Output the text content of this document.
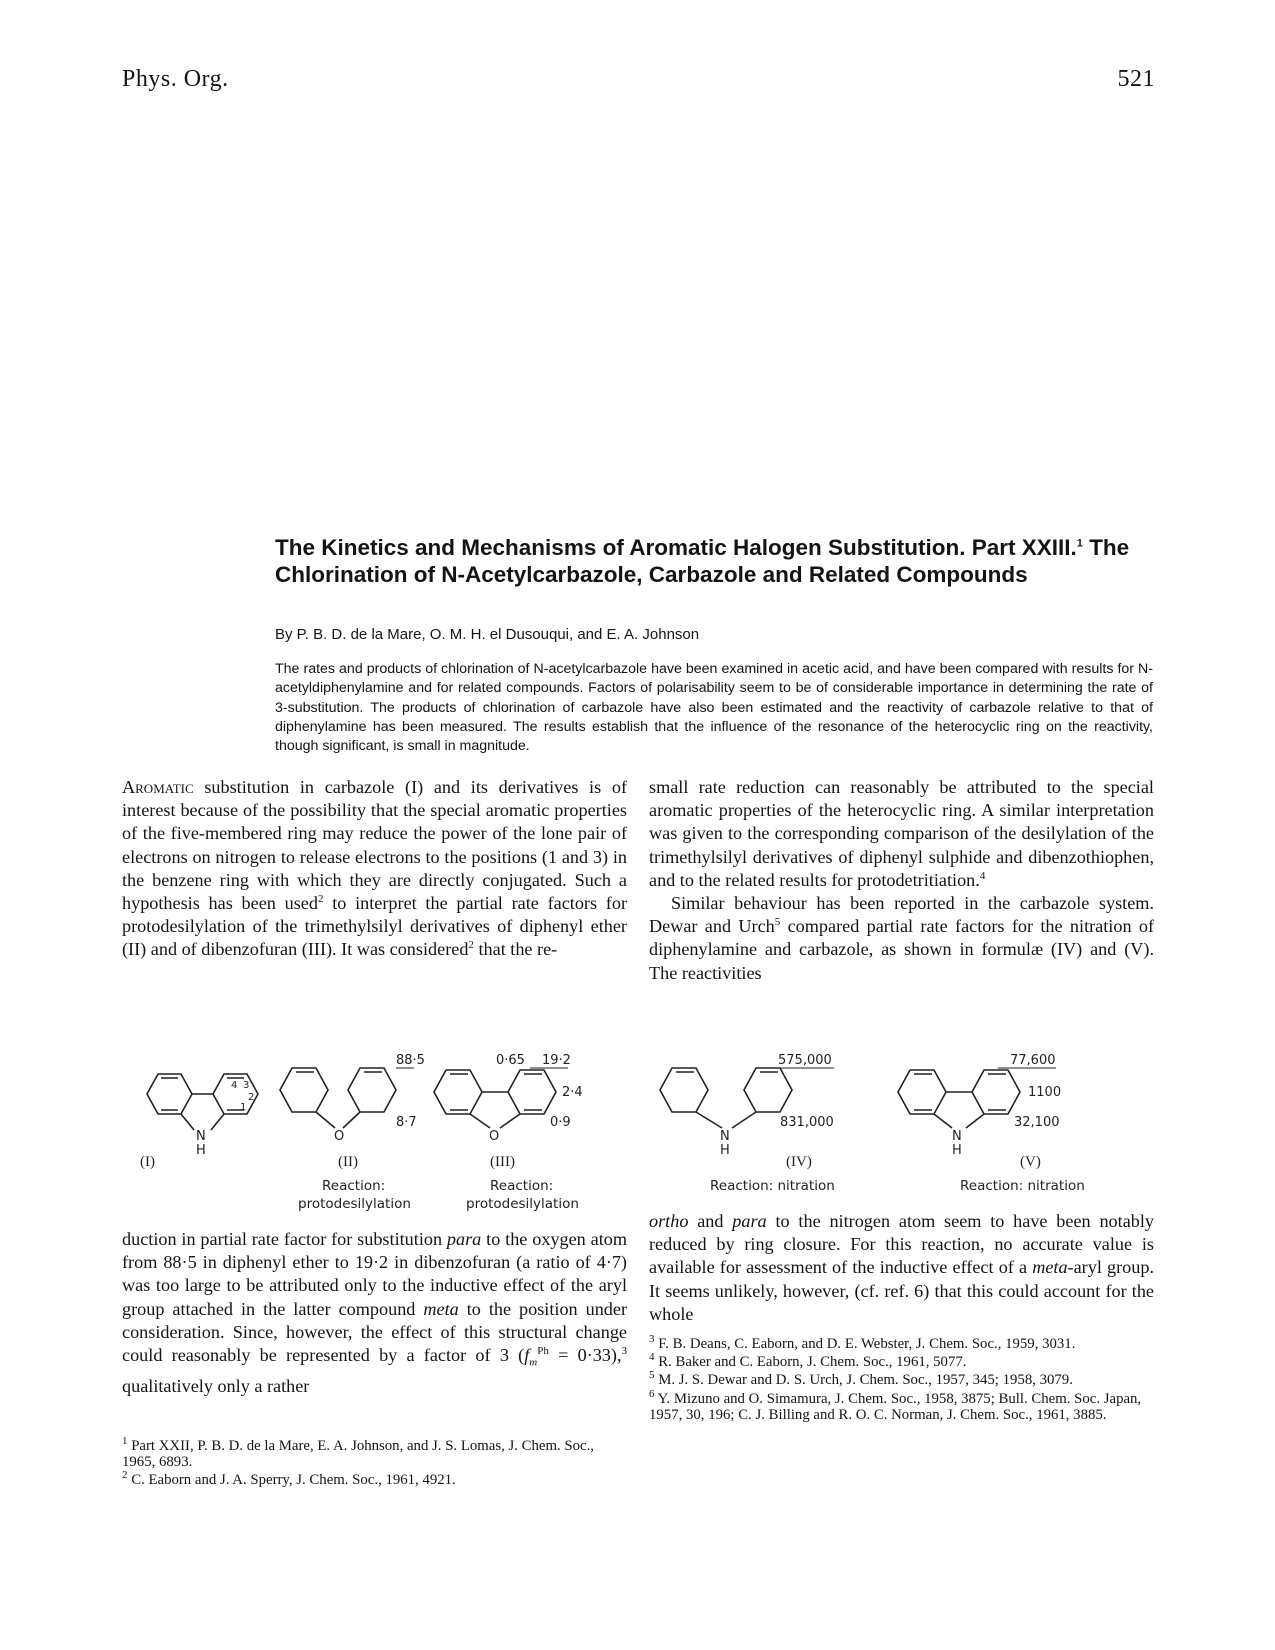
Phys. Org.	521
The Kinetics and Mechanisms of Aromatic Halogen Substitution. Part XXIII.$^1$ The Chlorination of N-Acetylcarbazole, Carbazole and Related Compounds
By P. B. D. de la Mare, O. M. H. el Dusouqui, and E. A. Johnson
The rates and products of chlorination of N-acetylcarbazole have been examined in acetic acid, and have been compared with results for N-acetyldiphenylamine and for related compounds. Factors of polarisability seem to be of considerable importance in determining the rate of 3-substitution. The products of chlorination of carbazole have also been estimated and the reactivity of carbazole relative to that of diphenylamine has been measured. The results establish that the influence of the resonance of the heterocyclic ring on the reactivity, though significant, is small in magnitude.

Aromatic substitution in carbazole (I) and its derivatives is of interest because of the possibility that the special aromatic properties of the five-membered ring may reduce the power of the lone pair of electrons on nitrogen to release electrons to the positions (1 and 3) in the benzene ring with which they are directly conjugated. Such a hypothesis has been used$^2$ to interpret the partial rate factors for protodesilylation of the trimethylsilyl derivatives of diphenyl ether (II) and of dibenzofuran (III). It was considered$^2$ that the re-

small rate reduction can reasonably be attributed to the special aromatic properties of the heterocyclic ring. A similar interpretation was given to the corresponding comparison of the desilylation of the trimethylsilyl derivatives of diphenyl sulphide and dibenzothiophen, and to the related results for protodetritiation.$^4$

Similar behaviour has been reported in the carbazole system. Dewar and Urch$^5$ compared partial rate factors for the nitration of diphenylamine and carbazole, as shown in formulæ (IV) and (V). The reactivities

N
H
4 3
2
1
(I)
O
88·5
8·7
(II)
Reaction:
protodesilylation
O
0·65 19·2
2·4
0·9
(III)
Reaction:
protodesilylation
N
H
575,000
831,000
(IV)
Reaction: nitration
N
H
77,600
1100
32,100
(V)
Reaction: nitration

duction in partial rate factor for substitution para to the oxygen atom from 88·5 in diphenyl ether to 19·2 in dibenzofuran (a ratio of 4·7) was too large to be attributed only to the inductive effect of the aryl group attached in the latter compound meta to the position under consideration. Since, however, the effect of this structural change could reasonably be represented by a factor of 3 $(f_m^{Ph} = 0\cdot 33),^3$ qualitatively only a rather

ortho and para to the nitrogen atom seem to have been notably reduced by ring closure. For this reaction, no accurate value is available for assessment of the inductive effect of a meta-aryl group. It seems unlikely, however, (cf. ref. 6) that this could account for the whole

$^1$ Part XXII, P. B. D. de la Mare, E. A. Johnson, and J. S. Lomas, J. Chem. Soc., 1965, 6893.

$^2$ C. Eaborn and J. A. Sperry, J. Chem. Soc., 1961, 4921.

$^3$ F. B. Deans, C. Eaborn, and D. E. Webster, J. Chem. Soc., 1959, 3031.

$^4$ R. Baker and C. Eaborn, J. Chem. Soc., 1961, 5077.

$^5$ M. J. S. Dewar and D. S. Urch, J. Chem. Soc., 1957, 345; 1958, 3079.

$^6$ Y. Mizuno and O. Simamura, J. Chem. Soc., 1958, 3875; Bull. Chem. Soc. Japan, 1957, 30, 196; C. J. Billing and R. O. C. Norman, J. Chem. Soc., 1961, 3885.
